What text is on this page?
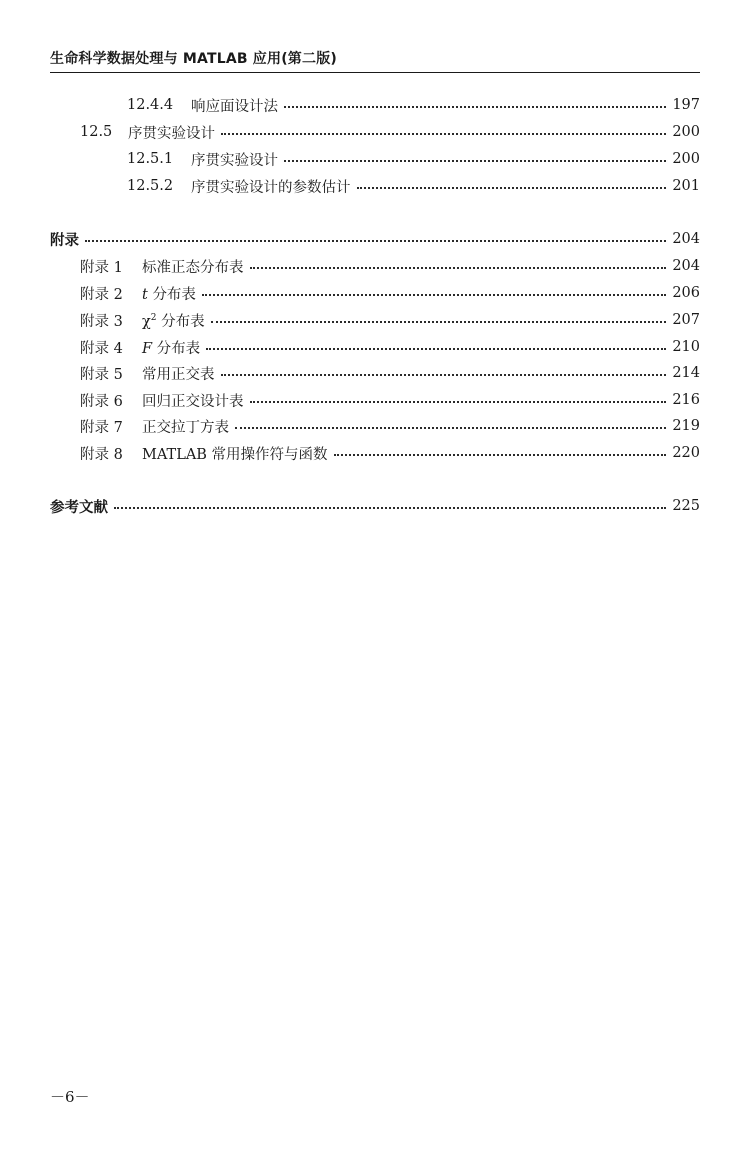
生命科学数据处理与 MATLAB 应用(第二版)
12.4.4	响应面设计法	197
12.5	序贯实验设计	200
12.5.1	序贯实验设计	200
12.5.2	序贯实验设计的参数估计	201
附录	204
附录 1	标准正态分布表	204
附录 2	t 分布表	206
附录 3	$\chi^2$ 分布表	207
附录 4	F 分布表	210
附录 5	常用正交表	214
附录 6	回归正交设计表	216
附录 7	正交拉丁方表	219
附录 8	MATLAB 常用操作符与函数	220
参考文献	225
－6－
